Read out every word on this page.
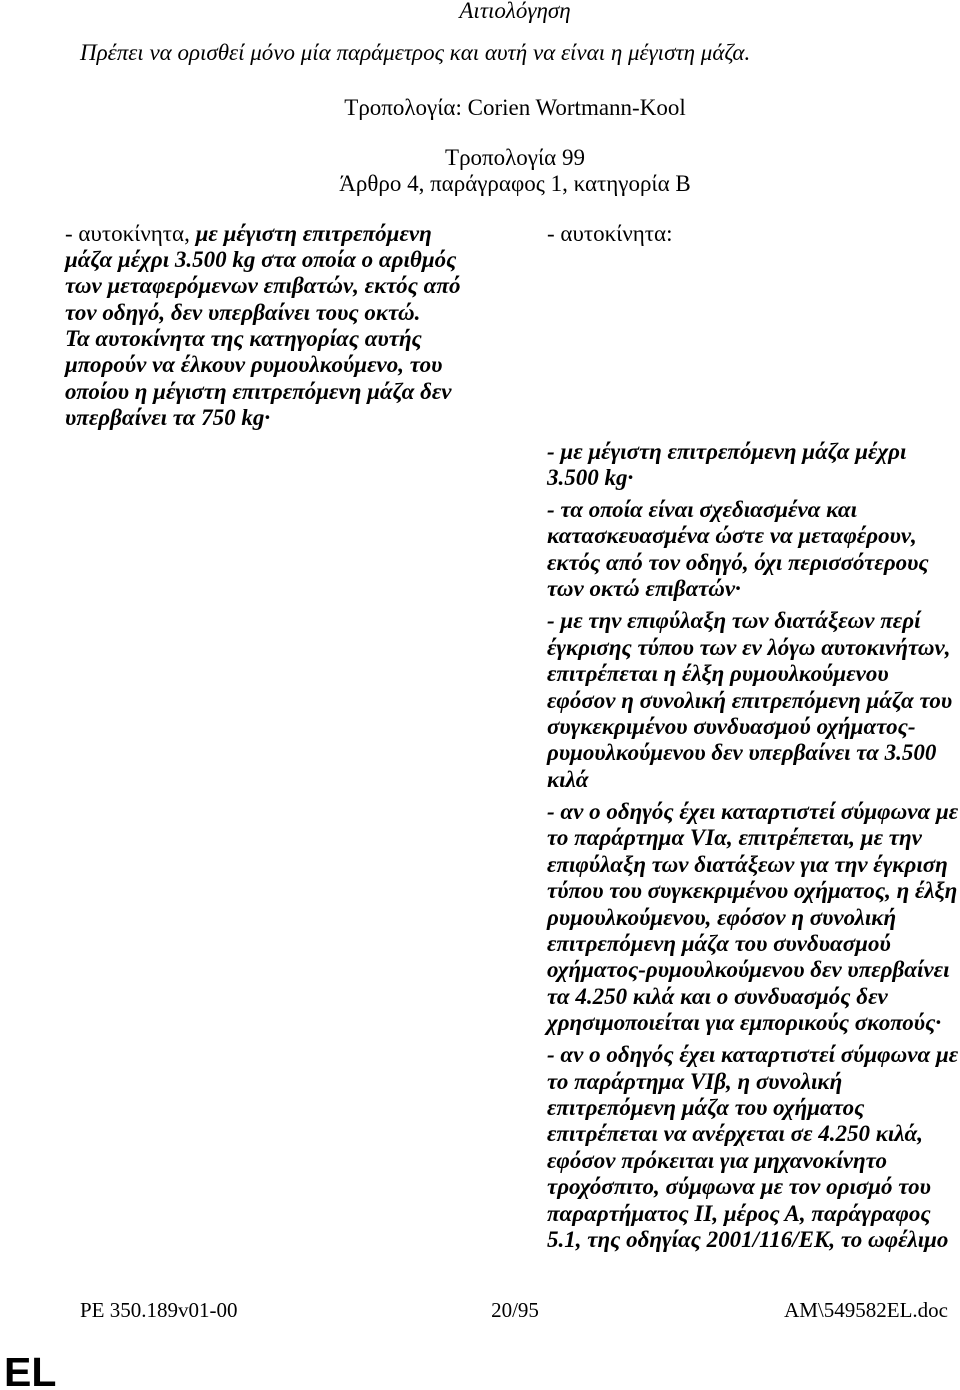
Αιτιολόγηση
Πρέπει να ορισθεί μόνο μία παράμετρος και αυτή να είναι η μέγιστη μάζα.
Τροπολογία: Corien Wortmann-Kool
Τροπολογία 99
Άρθρο 4, παράγραφος 1, κατηγορία Β
- αυτοκίνητα, με μέγιστη επιτρεπόμενη
μάζα μέχρι 3.500 kg στα οποία ο αριθμός
των μεταφερόμενων επιβατών, εκτός από
τον οδηγό, δεν υπερβαίνει τους οκτώ.
Τα αυτοκίνητα της κατηγορίας αυτής
μπορούν να έλκουν ρυμουλκούμενο, του
οποίου η μέγιστη επιτρεπόμενη μάζα δεν
υπερβαίνει τα 750 kg·
- αυτοκίνητα:
- με μέγιστη επιτρεπόμενη μάζα μέχρι
3.500 kg·
- τα οποία είναι σχεδιασμένα και
κατασκευασμένα ώστε να μεταφέρουν,
εκτός από τον οδηγό, όχι περισσότερους
των οκτώ επιβατών·
- με την επιφύλαξη των διατάξεων περί
έγκρισης τύπου των εν λόγω αυτοκινήτων,
επιτρέπεται η έλξη ρυμουλκούμενου
εφόσον η συνολική επιτρεπόμενη μάζα του
συγκεκριμένου συνδυασμού οχήματος-
ρυμουλκούμενου δεν υπερβαίνει τα 3.500
κιλά
- αν ο οδηγός έχει καταρτιστεί σύμφωνα με
το παράρτημα VIα, επιτρέπεται, με την
επιφύλαξη των διατάξεων για την έγκριση
τύπου του συγκεκριμένου οχήματος, η έλξη
ρυμουλκούμενου, εφόσον η συνολική
επιτρεπόμενη μάζα του συνδυασμού
οχήματος-ρυμουλκούμενου δεν υπερβαίνει
τα 4.250 κιλά και ο συνδυασμός δεν
χρησιμοποιείται για εμπορικούς σκοπούς·
- αν ο οδηγός έχει καταρτιστεί σύμφωνα με
το παράρτημα VIβ, η συνολική
επιτρεπόμενη μάζα του οχήματος
επιτρέπεται να ανέρχεται σε 4.250 κιλά,
εφόσον πρόκειται για μηχανοκίνητο
τροχόσπιτο, σύμφωνα με τον ορισμό του
παραρτήματος II, μέρος Α, παράγραφος
5.1, της οδηγίας 2001/116/ΕΚ, το ωφέλιμο
PE 350.189v01-00	20/95	AM\549582EL.doc
EL
